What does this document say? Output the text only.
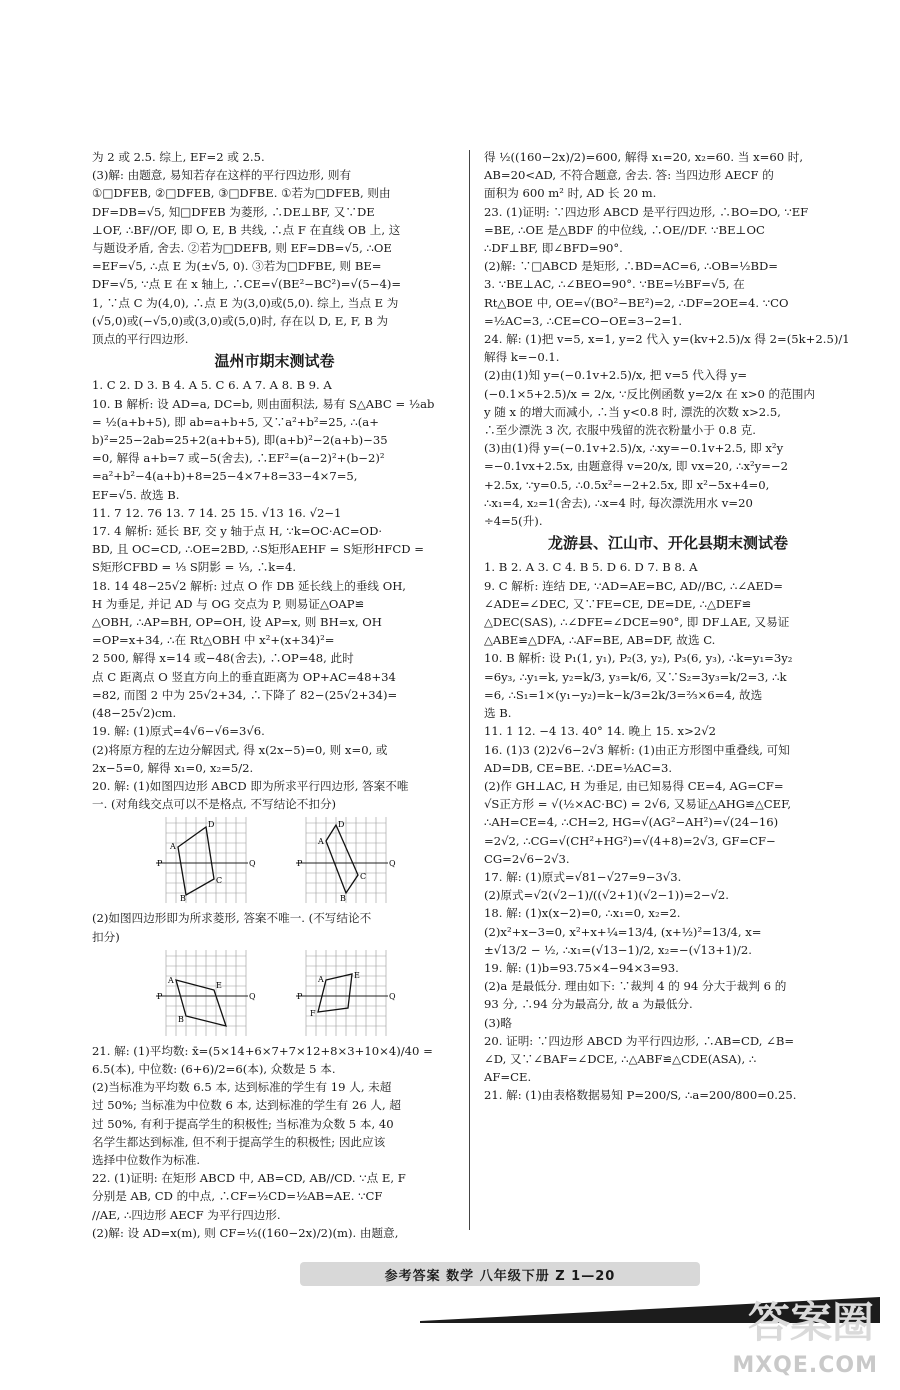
为 2 或 2.5. 综上, EF=2 或 2.5.
(3)解: 由题意, 易知若存在这样的平行四边形, 则有
①□DFEB, ②□DFEB, ③□DFBE. ①若为□DFEB, 则由
DF=DB=√5, 知□DFEB 为菱形, ∴DE⊥BF, 又∵DE
⊥OF, ∴BF//OF, 即 O, E, B 共线, ∴点 F 在直线 OB 上, 这
与题设矛盾, 舍去. ②若为□DEFB, 则 EF=DB=√5, ∴OE
=EF=√5, ∴点 E 为(±√5, 0). ③若为□DFBE, 则 BE=
DF=√5, ∵点 E 在 x 轴上, ∴CE=√(BE²−BC²)=√(5−4)=
1, ∵点 C 为(4,0), ∴点 E 为(3,0)或(5,0). 综上, 当点 E 为
(√5,0)或(−√5,0)或(3,0)或(5,0)时, 存在以 D, E, F, B 为
顶点的平行四边形.
温州市期末测试卷
1. C 2. D 3. B 4. A 5. C 6. A 7. A 8. B 9. A
10. B 解析: 设 AD=a, DC=b, 则由面积法, 易有 S△ABC = ½ab
= ½(a+b+5), 即 ab=a+b+5, 又∵a²+b²=25, ∴(a+
b)²=25−2ab=25+2(a+b+5), 即(a+b)²−2(a+b)−35
=0, 解得 a+b=7 或−5(舍去), ∴EF²=(a−2)²+(b−2)²
=a²+b²−4(a+b)+8=25−4×7+8=33−4×7=5,
EF=√5. 故选 B.
11. 7 12. 76 13. 7 14. 25 15. √13 16. √2−1
17. 4 解析: 延长 BF, 交 y 轴于点 H, ∵k=OC·AC=OD·
BD, 且 OC=CD, ∴OE=2BD, ∴S矩形AEHF = S矩形HFCD =
S矩形CFBD = ⅓ S阴影 = ⅓, ∴k=4.
18. 14 48−25√2 解析: 过点 O 作 DB 延长线上的垂线 OH,
H 为垂足, 并记 AD 与 OG 交点为 P, 则易证△OAP≌
△OBH, ∴AP=BH, OP=OH, 设 AP=x, 则 BH=x, OH
=OP=x+34, ∴在 Rt△OBH 中 x²+(x+34)²=
2 500, 解得 x=14 或−48(舍去), ∴OP=48, 此时
点 C 距离点 O 竖直方向上的垂直距离为 OP+AC=48+34
=82, 而图 2 中为 25√2+34, ∴下降了 82−(25√2+34)=
(48−25√2)cm.
19. 解: (1)原式=4√6−√6=3√6.
(2)将原方程的左边分解因式, 得 x(2x−5)=0, 则 x=0, 或
2x−5=0, 解得 x₁=0, x₂=5/2.
20. 解: (1)如图四边形 ABCD 即为所求平行四边形, 答案不唯
一. (对角线交点可以不是格点, 不写结论不扣分)
A
B
C
D
P	Q
A
B
C
D
P	Q
(2)如图四边形即为所求菱形, 答案不唯一. (不写结论不
扣分)
A
B
E
P	Q
A	E
F
P	Q
21. 解: (1)平均数: x̄=(5×14+6×7+7×12+8×3+10×4)/40 =
6.5(本), 中位数: (6+6)/2=6(本), 众数是 5 本.
(2)当标准为平均数 6.5 本, 达到标准的学生有 19 人, 未超
过 50%; 当标准为中位数 6 本, 达到标准的学生有 26 人, 超
过 50%, 有利于提高学生的积极性; 当标准为众数 5 本, 40
名学生都达到标准, 但不利于提高学生的积极性; 因此应该
选择中位数作为标准.
22. (1)证明: 在矩形 ABCD 中, AB=CD, AB//CD. ∵点 E, F
分别是 AB, CD 的中点, ∴CF=½CD=½AB=AE. ∵CF
//AE, ∴四边形 AECF 为平行四边形.
(2)解: 设 AD=x(m), 则 CF=½((160−2x)/2)(m). 由题意,
得 ½((160−2x)/2)=600, 解得 x₁=20, x₂=60. 当 x=60 时,
AB=20<AD, 不符合题意, 舍去. 答: 当四边形 AECF 的
面积为 600 m² 时, AD 长 20 m.
23. (1)证明: ∵四边形 ABCD 是平行四边形, ∴BO=DO, ∵EF
=BE, ∴OE 是△BDF 的中位线, ∴OE//DF. ∵BE⊥OC
∴DF⊥BF, 即∠BFD=90°.
(2)解: ∵□ABCD 是矩形, ∴BD=AC=6, ∴OB=½BD=
3. ∵BE⊥AC, ∴∠BEO=90°. ∵BE=½BF=√5, 在
Rt△BOE 中, OE=√(BO²−BE²)=2, ∴DF=2OE=4. ∵CO
=½AC=3, ∴CE=CO−OE=3−2=1.
24. 解: (1)把 v=5, x=1, y=2 代入 y=(kv+2.5)/x 得 2=(5k+2.5)/1
解得 k=−0.1.
(2)由(1)知 y=(−0.1v+2.5)/x, 把 v=5 代入得 y=
(−0.1×5+2.5)/x = 2/x, ∵反比例函数 y=2/x 在 x>0 的范围内
y 随 x 的增大而减小, ∴当 y<0.8 时, 漂洗的次数 x>2.5,
∴至少漂洗 3 次, 衣服中残留的洗衣粉量小于 0.8 克.
(3)由(1)得 y=(−0.1v+2.5)/x, ∴xy=−0.1v+2.5, 即 x²y
=−0.1vx+2.5x, 由题意得 v=20/x, 即 vx=20, ∴x²y=−2
+2.5x, ∵y=0.5, ∴0.5x²=−2+2.5x, 即 x²−5x+4=0,
∴x₁=4, x₂=1(舍去), ∴x=4 时, 每次漂洗用水 v=20
÷4=5(升).
龙游县、江山市、开化县期末测试卷
1. B 2. A 3. C 4. B 5. D 6. D 7. B 8. A
9. C 解析: 连结 DE, ∵AD=AE=BC, AD//BC, ∴∠AED=
∠ADE=∠DEC, 又∵FE=CE, DE=DE, ∴△DEF≌
△DEC(SAS), ∴∠DFE=∠DCE=90°, 即 DF⊥AE, 又易证
△ABE≌△DFA, ∴AF=BE, AB=DF, 故选 C.
10. B 解析: 设 P₁(1, y₁), P₂(3, y₂), P₃(6, y₃), ∴k=y₁=3y₂
=6y₃, ∴y₁=k, y₂=k/3, y₃=k/6, 又∵S₂=3y₃=k/2=3, ∴k
=6, ∴S₁=1×(y₁−y₂)=k−k/3=2k/3=⅔×6=4, 故选
选 B.
11. 1 12. −4 13. 40° 14. 晚上 15. x>2√2
16. (1)3 (2)2√6−2√3 解析: (1)由正方形图中重叠线, 可知
AD=DB, CE=BE. ∴DE=½AC=3.
(2)作 GH⊥AC, H 为垂足, 由已知易得 CE=4, AG=CF=
√S正方形 = √(½×AC·BC) = 2√6, 又易证△AHG≌△CEF,
∴AH=CE=4, ∴CH=2, HG=√(AG²−AH²)=√(24−16)
=2√2, ∴CG=√(CH²+HG²)=√(4+8)=2√3, GF=CF−
CG=2√6−2√3.
17. 解: (1)原式=√81−√27=9−3√3.
(2)原式=√2(√2−1)/((√2+1)(√2−1))=2−√2.
18. 解: (1)x(x−2)=0, ∴x₁=0, x₂=2.
(2)x²+x−3=0, x²+x+¼=13/4, (x+½)²=13/4, x=
±√13/2 − ½, ∴x₁=(√13−1)/2, x₂=−(√13+1)/2.
19. 解: (1)b=93.75×4−94×3=93.
(2)a 是最低分. 理由如下: ∵裁判 4 的 94 分大于裁判 6 的
93 分, ∴94 分为最高分, 故 a 为最低分.
(3)略
20. 证明: ∵四边形 ABCD 为平行四边形, ∴AB=CD, ∠B=
∠D, 又∵∠BAF=∠DCE, ∴△ABF≌△CDE(ASA), ∴
AF=CE.
21. 解: (1)由表格数据易知 P=200/S, ∴a=200/800=0.25.
参考答案 数学 八年级下册 Z 1—20
答案圈
MXQE.COM
